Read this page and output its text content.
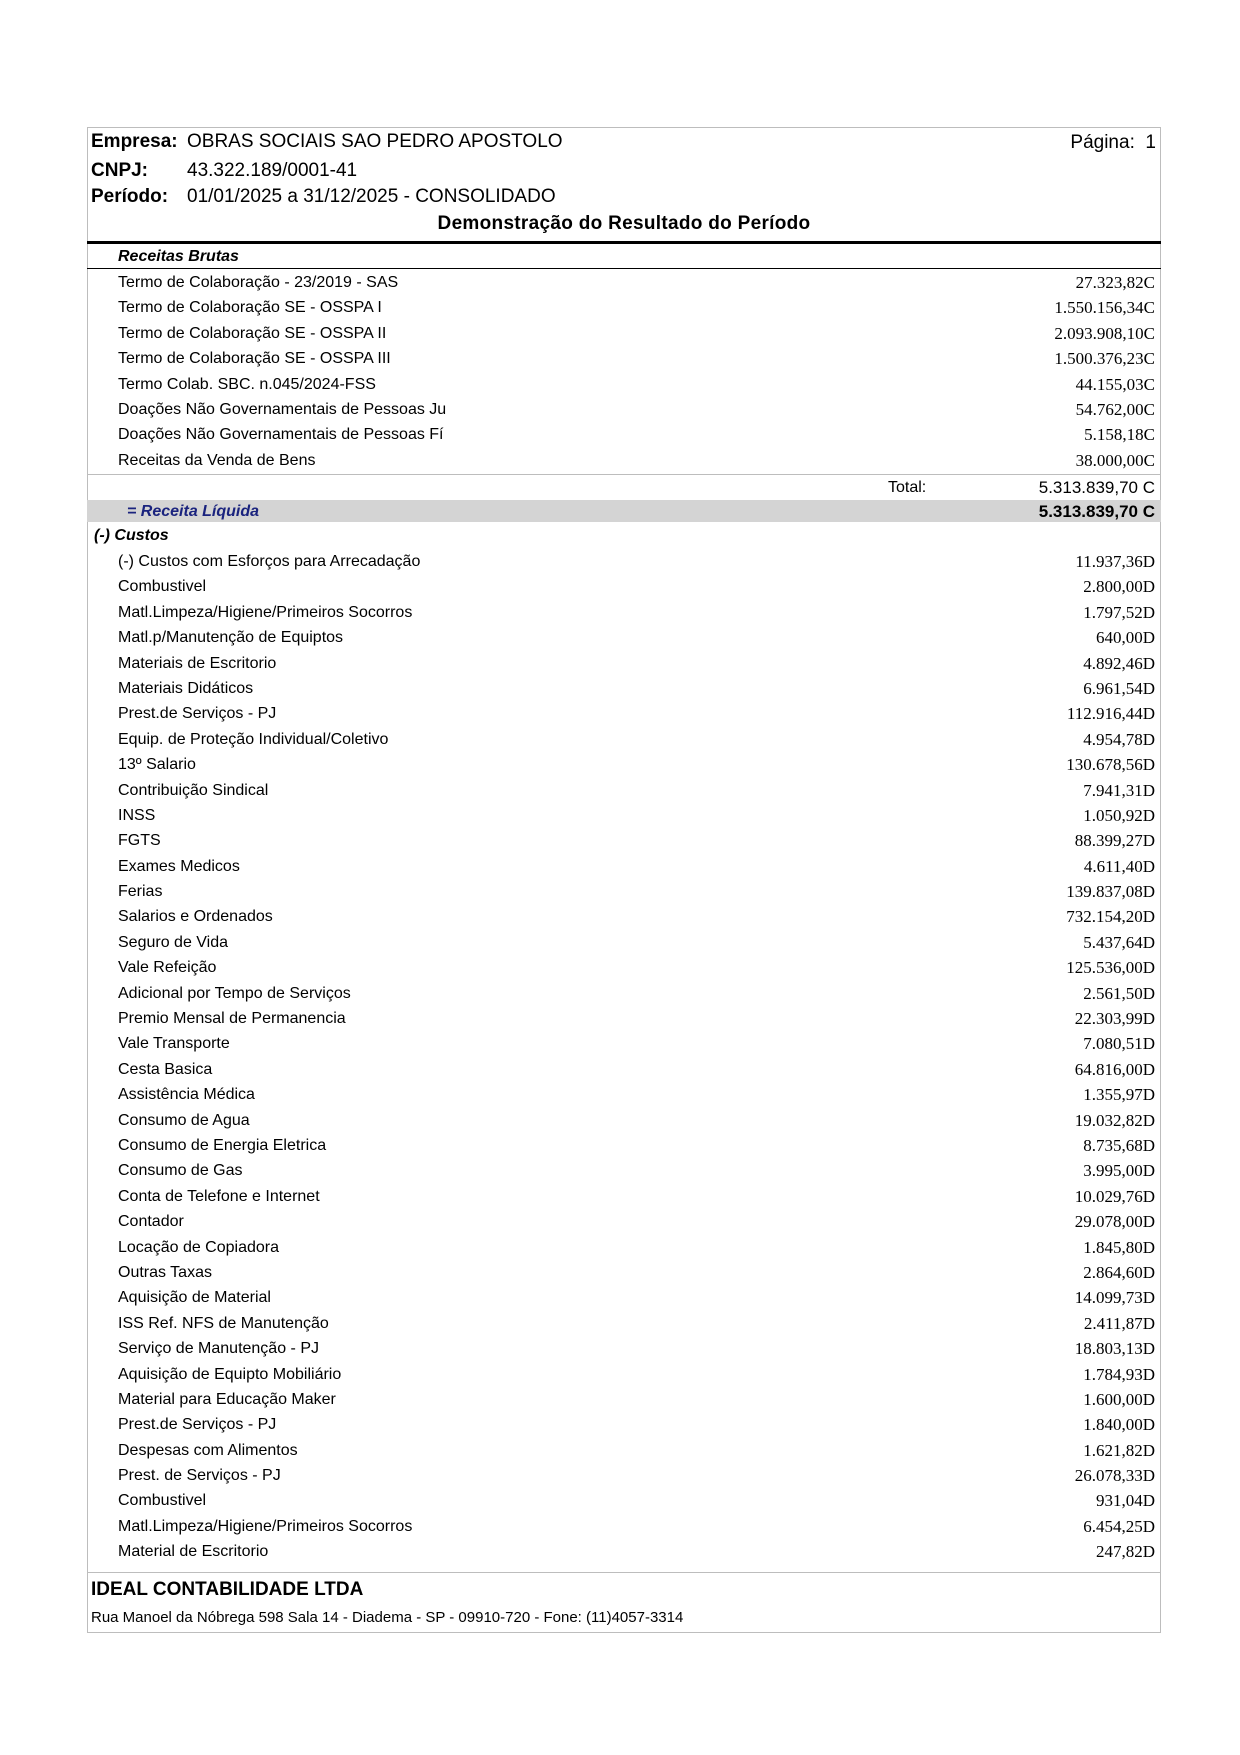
Empresa: OBRAS SOCIAIS SAO PEDRO APOSTOLO	Página: 1
CNPJ: 43.322.189/0001-41
Período: 01/01/2025 a 31/12/2025 - CONSOLIDADO
Demonstração do Resultado do Período
Receitas Brutas
Termo de Colaboração - 23/2019 - SAS	27.323,82C
Termo de Colaboração SE - OSSPA I	1.550.156,34C
Termo de Colaboração SE - OSSPA II	2.093.908,10C
Termo de Colaboração SE - OSSPA III	1.500.376,23C
Termo Colab. SBC. n.045/2024-FSS	44.155,03C
Doações Não Governamentais de Pessoas Ju	54.762,00C
Doações Não Governamentais de Pessoas Fí	5.158,18C
Receitas da Venda de Bens	38.000,00C
Total:	5.313.839,70 C
= Receita Líquida	5.313.839,70 C
(-) Custos
(-) Custos com Esforços para Arrecadação	11.937,36D
Combustivel	2.800,00D
Matl.Limpeza/Higiene/Primeiros Socorros	1.797,52D
Matl.p/Manutenção de Equiptos	640,00D
Materiais de Escritorio	4.892,46D
Materiais Didáticos	6.961,54D
Prest.de Serviços - PJ	112.916,44D
Equip. de Proteção Individual/Coletivo	4.954,78D
13º Salario	130.678,56D
Contribuição Sindical	7.941,31D
INSS	1.050,92D
FGTS	88.399,27D
Exames Medicos	4.611,40D
Ferias	139.837,08D
Salarios e Ordenados	732.154,20D
Seguro de Vida	5.437,64D
Vale Refeição	125.536,00D
Adicional por Tempo de Serviços	2.561,50D
Premio Mensal de Permanencia	22.303,99D
Vale Transporte	7.080,51D
Cesta Basica	64.816,00D
Assistência Médica	1.355,97D
Consumo de Agua	19.032,82D
Consumo de Energia Eletrica	8.735,68D
Consumo de Gas	3.995,00D
Conta de Telefone e Internet	10.029,76D
Contador	29.078,00D
Locação de Copiadora	1.845,80D
Outras Taxas	2.864,60D
Aquisição de Material	14.099,73D
ISS Ref. NFS de Manutenção	2.411,87D
Serviço de Manutenção - PJ	18.803,13D
Aquisição de Equipto Mobiliário	1.784,93D
Material para Educação Maker	1.600,00D
Prest.de Serviços - PJ	1.840,00D
Despesas com Alimentos	1.621,82D
Prest. de Serviços - PJ	26.078,33D
Combustivel	931,04D
Matl.Limpeza/Higiene/Primeiros Socorros	6.454,25D
Material de Escritorio	247,82D
IDEAL CONTABILIDADE LTDA
Rua Manoel da Nóbrega 598 Sala 14 - Diadema - SP - 09910-720 - Fone: (11)4057-3314
